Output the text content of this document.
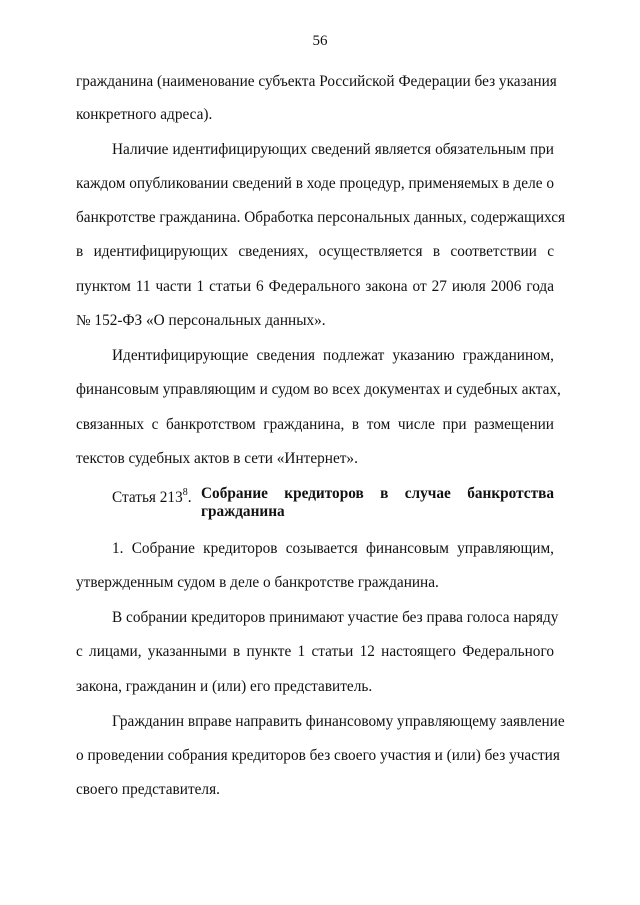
56
гражданина (наименование субъекта Российской Федерации без указания
конкретного адреса).
Наличие идентифицирующих сведений является обязательным при
каждом опубликовании сведений в ходе процедур, применяемых в деле о
банкротстве гражданина. Обработка персональных данных, содержащихся
в идентифицирующих сведениях, осуществляется в соответствии с
пунктом 11 части 1 статьи 6 Федерального закона от 27 июля 2006 года
№ 152-ФЗ «О персональных данных».
Идентифицирующие сведения подлежат указанию гражданином,
финансовым управляющим и судом во всех документах и судебных актах,
связанных с банкротством гражданина, в том числе при размещении
текстов судебных актов в сети «Интернет».
Статья $213^8$. Собрание кредиторов в случае банкротства
гражданина
1. Собрание кредиторов созывается финансовым управляющим,
утвержденным судом в деле о банкротстве гражданина.
В собрании кредиторов принимают участие без права голоса наряду
с лицами, указанными в пункте 1 статьи 12 настоящего Федерального
закона, гражданин и (или) его представитель.
Гражданин вправе направить финансовому управляющему заявление
о проведении собрания кредиторов без своего участия и (или) без участия
своего представителя.
